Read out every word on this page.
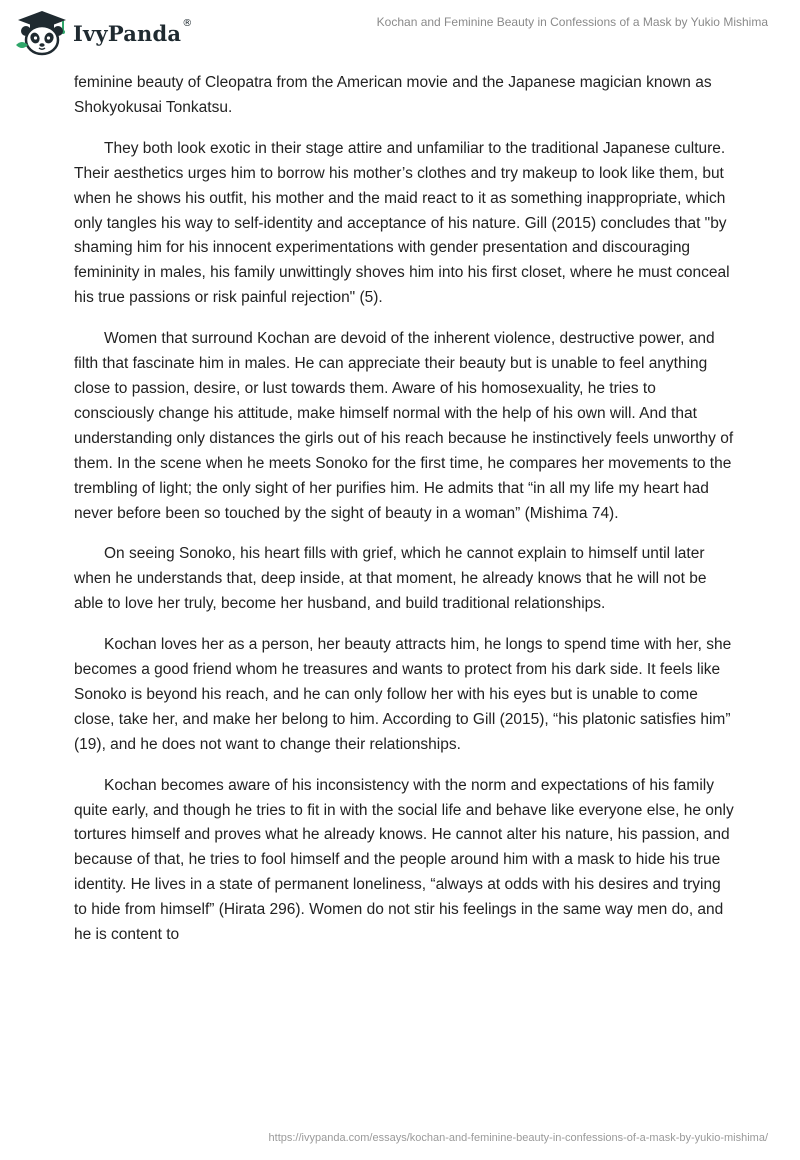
IvyPanda®	Kochan and Feminine Beauty in Confessions of a Mask by Yukio Mishima

feminine beauty of Cleopatra from the American movie and the Japanese magician known as Shokyokusai Tonkatsu.

They both look exotic in their stage attire and unfamiliar to the traditional Japanese culture. Their aesthetics urges him to borrow his mother’s clothes and try makeup to look like them, but when he shows his outfit, his mother and the maid react to it as something inappropriate, which only tangles his way to self-identity and acceptance of his nature. Gill (2015) concludes that "by shaming him for his innocent experimentations with gender presentation and discouraging femininity in males, his family unwittingly shoves him into his first closet, where he must conceal his true passions or risk painful rejection" (5).

Women that surround Kochan are devoid of the inherent violence, destructive power, and filth that fascinate him in males. He can appreciate their beauty but is unable to feel anything close to passion, desire, or lust towards them. Aware of his homosexuality, he tries to consciously change his attitude, make himself normal with the help of his own will. And that understanding only distances the girls out of his reach because he instinctively feels unworthy of them. In the scene when he meets Sonoko for the first time, he compares her movements to the trembling of light; the only sight of her purifies him. He admits that “in all my life my heart had never before been so touched by the sight of beauty in a woman” (Mishima 74).

On seeing Sonoko, his heart fills with grief, which he cannot explain to himself until later when he understands that, deep inside, at that moment, he already knows that he will not be able to love her truly, become her husband, and build traditional relationships.

Kochan loves her as a person, her beauty attracts him, he longs to spend time with her, she becomes a good friend whom he treasures and wants to protect from his dark side. It feels like Sonoko is beyond his reach, and he can only follow her with his eyes but is unable to come close, take her, and make her belong to him. According to Gill (2015), “his platonic satisfies him” (19), and he does not want to change their relationships.

Kochan becomes aware of his inconsistency with the norm and expectations of his family quite early, and though he tries to fit in with the social life and behave like everyone else, he only tortures himself and proves what he already knows. He cannot alter his nature, his passion, and because of that, he tries to fool himself and the people around him with a mask to hide his true identity. He lives in a state of permanent loneliness, “always at odds with his desires and trying to hide from himself” (Hirata 296). Women do not stir his feelings in the same way men do, and he is content to

https://ivypanda.com/essays/kochan-and-feminine-beauty-in-confessions-of-a-mask-by-yukio-mishima/
